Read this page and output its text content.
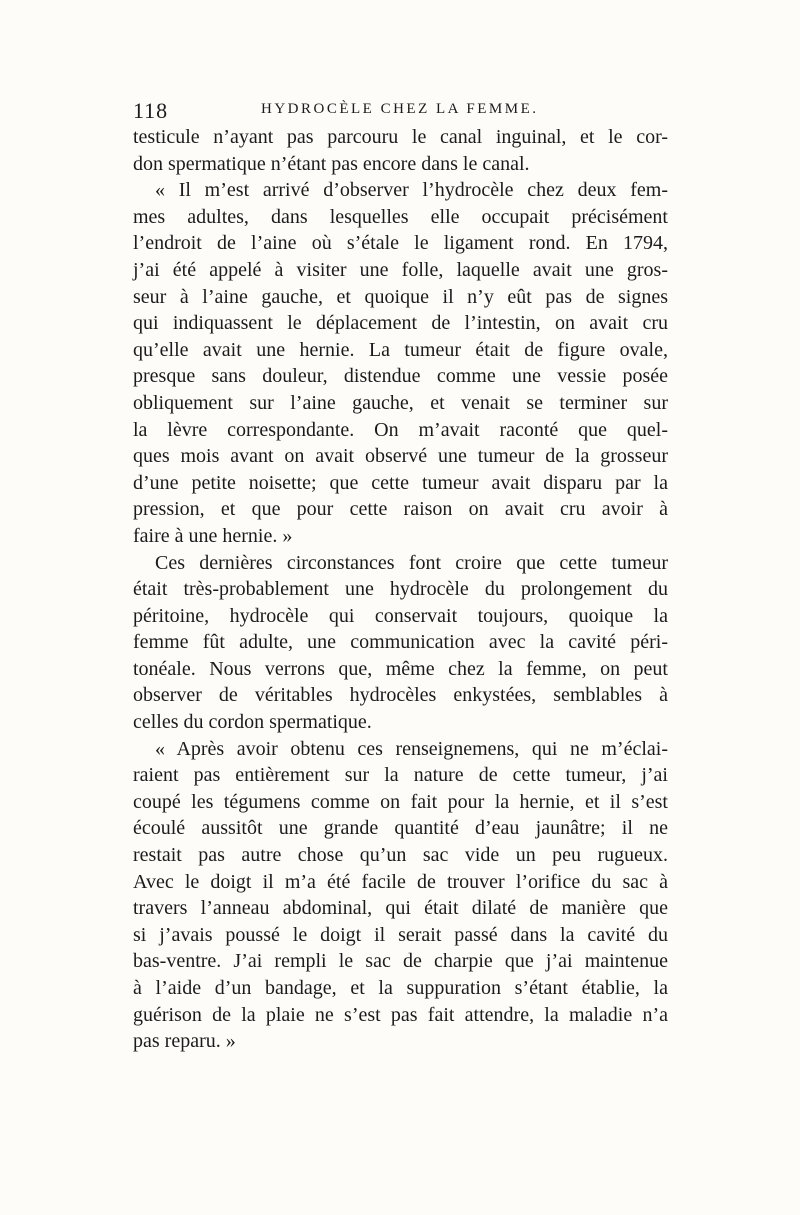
118	HYDROCÈLE CHEZ LA FEMME.
testicule n’ayant pas parcouru le canal inguinal, et le cor-
don spermatique n’étant pas encore dans le canal.
« Il m’est arrivé d’observer l’hydrocèle chez deux fem-
mes adultes, dans lesquelles elle occupait précisément
l’endroit de l’aine où s’étale le ligament rond. En 1794,
j’ai été appelé à visiter une folle, laquelle avait une gros-
seur à l’aine gauche, et quoique il n’y eût pas de signes
qui indiquassent le déplacement de l’intestin, on avait cru
qu’elle avait une hernie. La tumeur était de figure ovale,
presque sans douleur, distendue comme une vessie posée
obliquement sur l’aine gauche, et venait se terminer sur
la lèvre correspondante. On m’avait raconté que quel-
ques mois avant on avait observé une tumeur de la grosseur
d’une petite noisette; que cette tumeur avait disparu par la
pression, et que pour cette raison on avait cru avoir à
faire à une hernie. »
Ces dernières circonstances font croire que cette tumeur
était très-probablement une hydrocèle du prolongement du
péritoine, hydrocèle qui conservait toujours, quoique la
femme fût adulte, une communication avec la cavité péri-
tonéale. Nous verrons que, même chez la femme, on peut
observer de véritables hydrocèles enkystées, semblables à
celles du cordon spermatique.
« Après avoir obtenu ces renseignemens, qui ne m’éclai-
raient pas entièrement sur la nature de cette tumeur, j’ai
coupé les tégumens comme on fait pour la hernie, et il s’est
écoulé aussitôt une grande quantité d’eau jaunâtre; il ne
restait pas autre chose qu’un sac vide un peu rugueux.
Avec le doigt il m’a été facile de trouver l’orifice du sac à
travers l’anneau abdominal, qui était dilaté de manière que
si j’avais poussé le doigt il serait passé dans la cavité du
bas-ventre. J’ai rempli le sac de charpie que j’ai maintenue
à l’aide d’un bandage, et la suppuration s’étant établie, la
guérison de la plaie ne s’est pas fait attendre, la maladie n’a
pas reparu. »
